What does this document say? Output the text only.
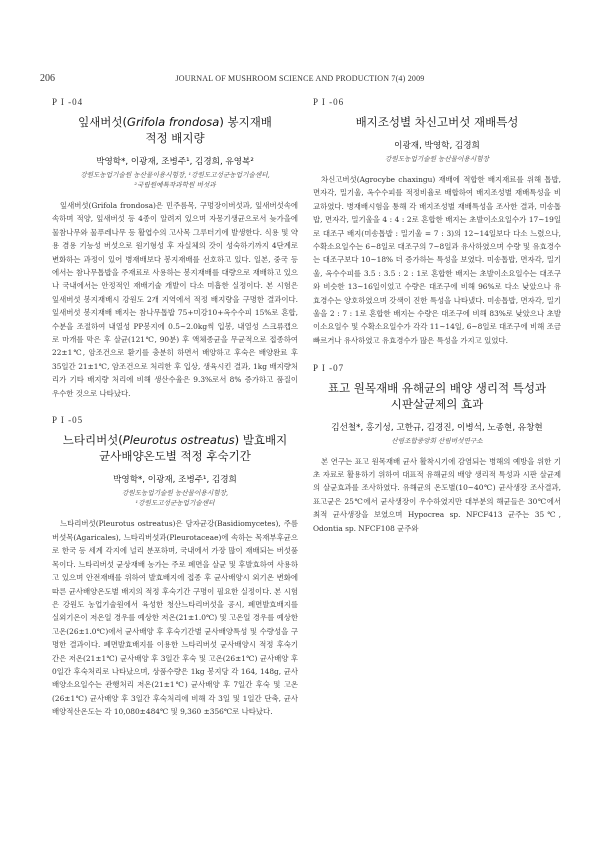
206	JOURNAL OF MUSHROOM SCIENCE AND PRODUCTION 7(4) 2009

P I -04

잎새버섯(Grifola frondosa) 봉지재배
적정 배지량

박영학*, 이광재, 조병주¹, 김경희, 유영복²
강원도농업기술원 농산물이용시험장, ¹강원도고성군농업기술센터,
²국립원예특작과학원 버섯과

잎새버섯(Grifola frondosa)은 민주름목, 구멍장이버섯과, 잎새버섯속에 속하며 적양, 잎새버섯 등 4종이 알려져 있으며 자몽기생균으로서 늦가을에 물참나무와 물푸레나무 등 활엽수의 고사목 그루터기에 발생한다. 식용 및 약용 겸용 기능성 버섯으로 원기형성 후 자실체의 갓이 성숙하기까지 4단계로 변화하는 과정이 있어 병재배보다 봉지재배를 선호하고 있다. 일본, 중국 등 에서는 참나무톱밥을 주재료로 사용하는 봉지재배를 대량으로 재배하고 있으나 국내에서는 안정적인 재배기술 개발이 다소 미흡한 실정이다. 본 시험은 잎새버섯 봉지재배시 강원도 2개 지역에서 적정 배지량을 구명한 결과이다. 잎새버섯 봉지재배 배지는 참나무톱밥 75+미강10+옥수수피 15%로 혼합, 수분을 조절하여 내열성 PP봉지에 0.5~2.0kg씩 입봉, 내열성 스크류캡으로 마개를 막은 후 살균(121℃, 90분) 후 액체종균을 무균적으로 접종하여 22±1℃, 암조건으로 환기를 충분히 하면서 배양하고 후숙은 배양완료 후 35일간 21±1℃, 암조건으로 처리한 후 입상, 생육시킨 결과, 1kg 배지량처리가 기타 배지량 처리에 비해 생산수율은 9.3%로서 8% 증가하고 품질이 우수한 것으로 나타났다.

P I -05

느타리버섯(Pleurotus ostreatus) 발효배지
균사배양온도별 적정 후숙기간

박영학*, 이광재, 조병주¹, 김경희
강원도농업기술원 농산물이용시험장,
¹강원도고성군농업기술센터

느타리버섯(Pleurotus ostreatus)은 담자균강(Basidiomycetes), 주름버섯목(Agaricales), 느타리버섯과(Pleurotaceae)에 속하는 목재부후균으로 한국 등 세계 각지에 널리 분포하며, 국내에서 가장 많이 재배되는 버섯품목이다. 느타리버섯 균상재배 농가는 주로 폐면을 살균 및 후발효하여 사용하고 있으며 안전재배를 위하여 발효배지에 접종 후 균사배양시 외기온 변화에 따른 균사배양온도별 배지의 적정 후숙기간 구명이 필요한 실정이다. 본 시험은 강원도 농업기술원에서 육성한 청산느타리버섯을 공시, 폐면발효배지를 실외기온이 저온일 경우를 예상한 저온(21±1.0℃) 및 고온일 경우를 예상한 고온(26±1.0℃)에서 균사배양 후 후숙기간별 균사배양특성 및 수량성을 구명한 결과이다. 폐면발효배지를 이용한 느타리버섯 균사배양시 적정 후숙기간은 저온(21±1℃) 균사배양 후 3일간 후숙 및 고온(26±1℃) 균사배양 후 0일간 후숙처리로 나타났으며, 상품수량은 1kg 봉지당 각 164, 148g, 균사배양소요일수는 관행처리 저온(21±1℃) 균사배양 후 7일간 후숙 및 고온(26±1℃) 균사배양 후 3일간 후숙처리에 비해 각 3일 및 1일간 단축, 균사배양적산온도는 각 10,080±484℃ 및 9,360 ±356℃로 나타났다.

P I -06

배지조성별 차신고버섯 재배특성

이광재, 박영학, 김경희
강원도농업기술원 농산물이용시험장

차신고버섯(Agrocybe chaxingu) 재배에 적합한 배지재료를 위해 톱밥, 면자각, 밀기울, 옥수수피를 적정비율로 배합하여 배지조성별 재배특성을 비교하였다. 병재배시험을 통해 각 배지조성별 재배특성을 조사한 결과, 미송톱밥, 면자각, 밀기울을 4 : 4 : 2로 혼합한 배지는 초발이소요일수가 17~19일로 대조구 배지(미송톱밥 : 밀기울 = 7 : 3)의 12~14일보다 다소 느렸으나, 수확소요일수는 6~8일로 대조구의 7~8일과 유사하였으며 수량 및 유효경수는 대조구보다 10~18% 더 증가하는 특성을 보였다. 미송톱밥, 면자각, 밀기울, 옥수수피를 3.5 : 3.5 : 2 : 1로 혼합한 배지는 초발이소요일수는 대조구와 비슷한 13~16일이었고 수량은 대조구에 비해 96%로 다소 낮았으나 유효경수는 양호하였으며 갓색이 진한 특성을 나타냈다. 미송톱밥, 면자각, 밀기울을 2 : 7 : 1로 혼합한 배지는 수량은 대조구에 비해 83%로 낮았으나 초발이소요일수 및 수확소요일수가 각각 11~14일, 6~8일로 대조구에 비해 조금 빠르거나 유사하였고 유효경수가 많은 특성을 가지고 있었다.

P I -07

표고 원목재배 유해균의 배양 생리적 특성과
시판살균제의 효과

김선철*, 홍기성, 고한규, 김경진, 이병석, 노종현, 유창현
산림조합중앙회 산림버섯연구소

본 연구는 표고 원목재배 균사 활착시기에 감염되는 병해의 예방을 위한 기초 자료로 활용하기 위하여 대표적 유해균의 배양 생리적 특성과 시판 살균제의 살균효과를 조사하였다. 유해균의 온도별(10~40℃) 균사생장 조사결과, 표고균은 25℃에서 균사생장이 우수하였지만 대부분의 해균들은 30℃에서 최적 균사생장을 보였으며 Hypocrea sp. NFCF413 균주는 35℃, Odontia sp. NFCF108 균주와
